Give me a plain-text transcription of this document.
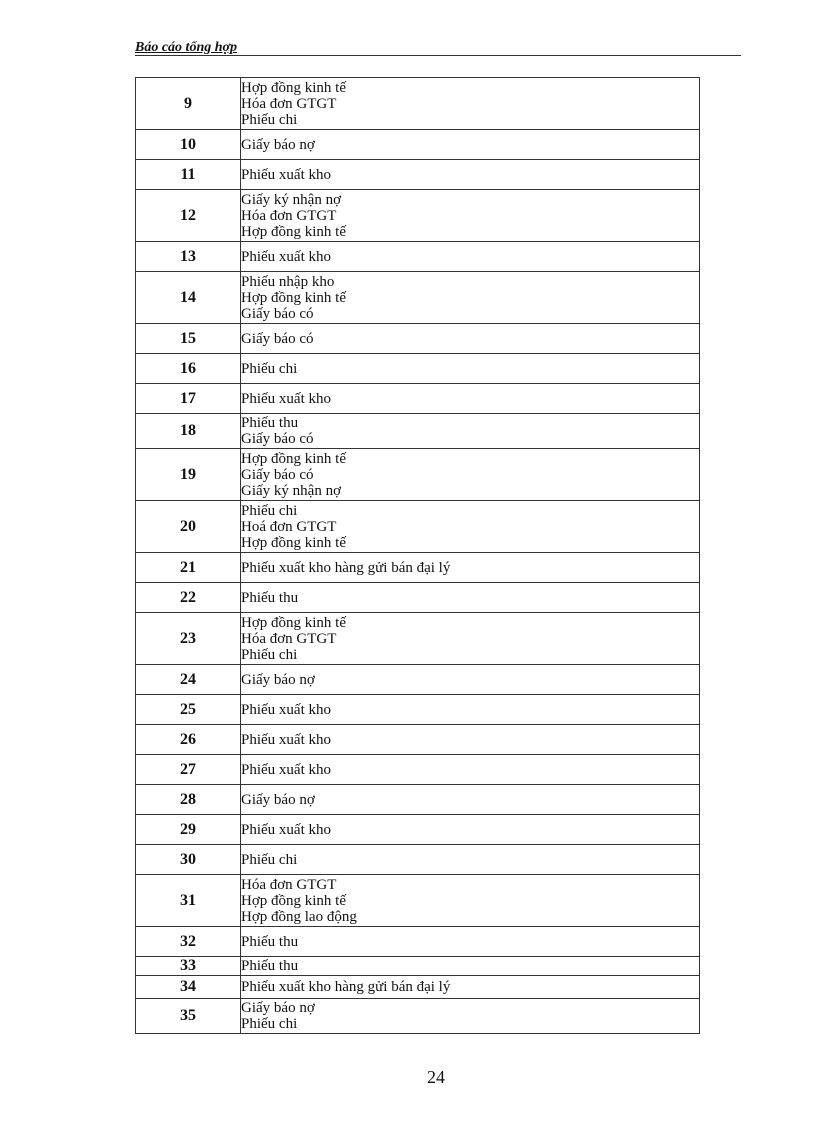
Báo cáo tổng hợp
9	Hợp đồng kinh tế
Hóa đơn GTGT
Phiếu chi

10	Giấy báo nợ

11	Phiếu xuất kho

12	Giấy ký nhận nợ
Hóa đơn GTGT
Hợp đồng kinh tế

13	Phiếu xuất kho

14	Phiếu nhập kho
Hợp đồng kinh tế
Giấy báo có

15	Giấy báo có

16	Phiếu chi

17	Phiếu xuất kho

18	Phiếu thu
Giấy báo có

19	Hợp đồng kinh tế
Giấy báo có
Giấy ký nhận nợ

20	Phiếu chi
Hoá đơn GTGT
Hợp đồng kinh tế

21	Phiếu xuất kho hàng gửi bán đại lý

22	Phiếu thu

23	Hợp đồng kinh tế
Hóa đơn GTGT
Phiếu chi

24	Giấy báo nợ

25	Phiếu xuất kho

26	Phiếu xuất kho

27	Phiếu xuất kho

28	Giấy báo nợ

29	Phiếu xuất kho

30	Phiếu chi

31	Hóa đơn GTGT
Hợp đồng kinh tế
Hợp đồng lao động

32	Phiếu thu

33	Phiếu thu

34	Phiếu xuất kho hàng gửi bán đại lý

35	Giấy báo nợ
Phiếu chi
24
